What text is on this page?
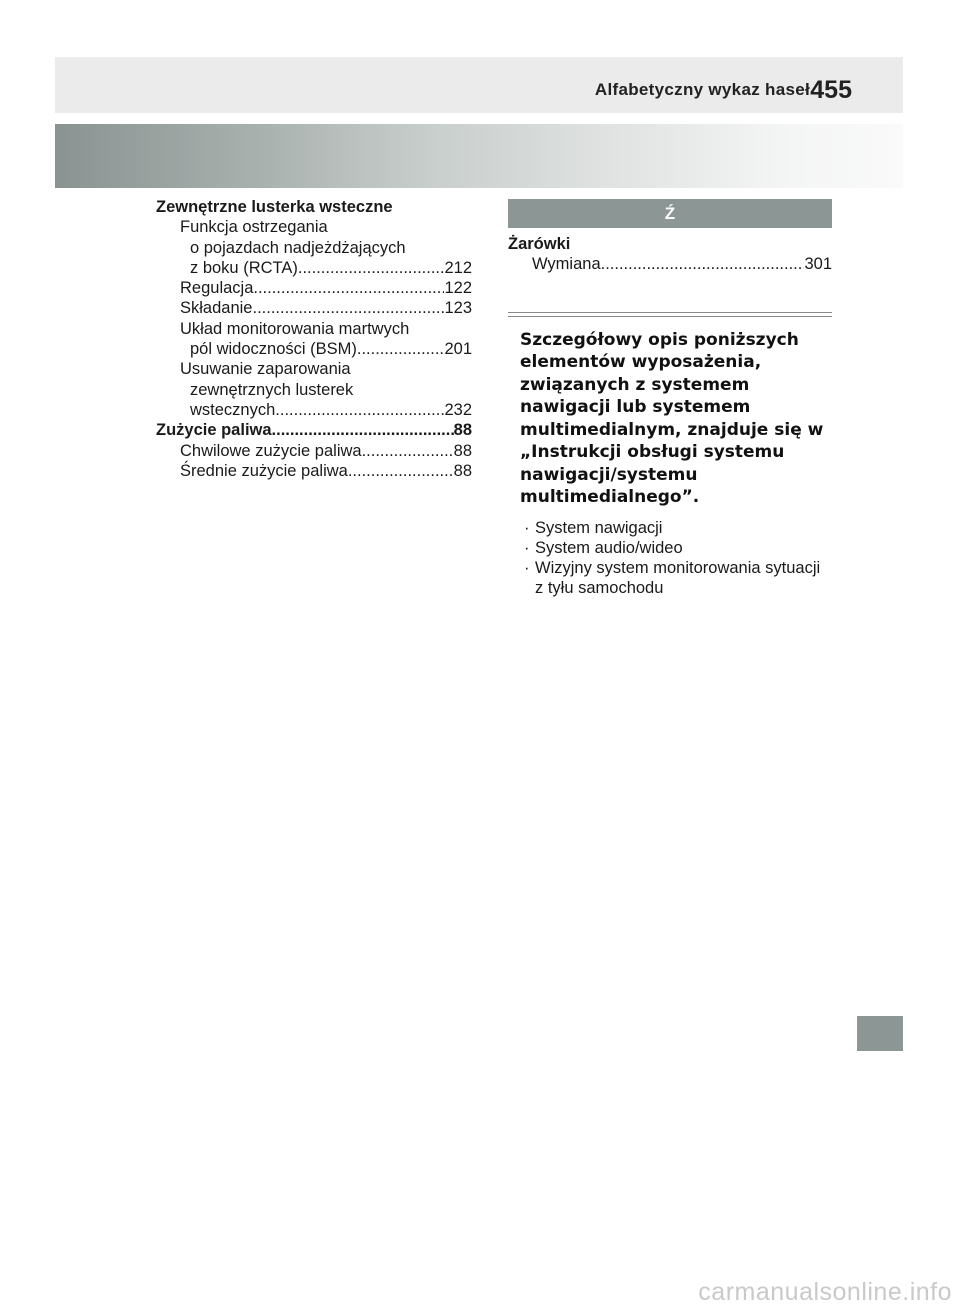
Alfabetyczny wykaz haseł 455
Zewnętrzne lusterka wsteczne
Funkcja ostrzegania
o pojazdach nadjeżdżających
z boku (RCTA) .....	212
Regulacja .....	122
Składanie .....	123
Układ monitorowania martwych
pól widoczności (BSM) .....	201
Usuwanie zaparowania
zewnętrznych lusterek
wstecznych .....	232
Zużycie paliwa .....	88
Chwilowe zużycie paliwa .....	88
Średnie zużycie paliwa .....	88
Ź
Żarówki
Wymiana .....	301
Szczegółowy opis poniższych elementów wyposażenia, związanych z systemem nawigacji lub systemem multimedialnym, znajduje się w „Instrukcji obsługi systemu nawigacji/systemu multimedialnego”.
· System nawigacji
· System audio/wideo
· Wizyjny system monitorowania sytuacji z tyłu samochodu
carmanualsonline.info
